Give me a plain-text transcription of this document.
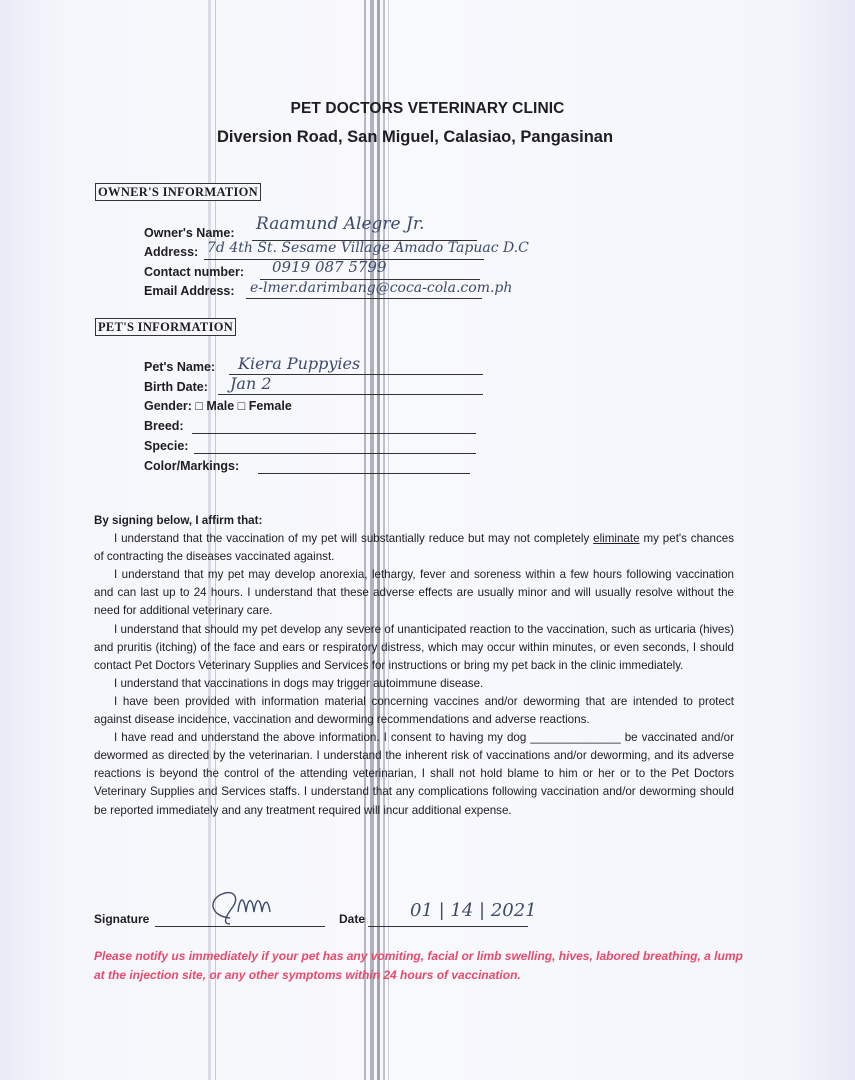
PET DOCTORS VETERINARY CLINIC
Diversion Road, San Miguel, Calasiao, Pangasinan
OWNER'S INFORMATION
Owner's Name: Raamund Alegre Jr.
Address: 7d 4th St. Sesame Village Amado Tapuac D.C
Contact number: 0919 087 5799
Email Address: e-lmer.darimbang@coca-cola.com.ph
PET'S INFORMATION
Pet's Name: Kiera Puppyies
Birth Date: Jan 2
Gender: □ Male □ Female
Breed:
Specie:
Color/Markings:

By signing below, I affirm that:

I understand that the vaccination of my pet will substantially reduce but may not completely eliminate my pet's chances of contracting the diseases vaccinated against.

I understand that my pet may develop anorexia, lethargy, fever and soreness within a few hours following vaccination and can last up to 24 hours. I understand that these adverse effects are usually minor and will usually resolve without the need for additional veterinary care.

I understand that should my pet develop any severe of unanticipated reaction to the vaccination, such as urticaria (hives) and pruritis (itching) of the face and ears or respiratory distress, which may occur within minutes, or even seconds, I should contact Pet Doctors Veterinary Supplies and Services for instructions or bring my pet back in the clinic immediately.

I understand that vaccinations in dogs may trigger autoimmune disease.

I have been provided with information material concerning vaccines and/or deworming that are intended to protect against disease incidence, vaccination and deworming recommendations and adverse reactions.

I have read and understand the above information. I consent to having my dog ______________ be vaccinated and/or dewormed as directed by the veterinarian. I understand the inherent risk of vaccinations and/or deworming, and its adverse reactions is beyond the control of the attending veterinarian, I shall not hold blame to him or her or to the Pet Doctors Veterinary Supplies and Services staffs. I understand that any complications following vaccination and/or deworming should be reported immediately and any treatment required will incur additional expense.

Signature	Date 01 | 14 | 2021
Please notify us immediately if your pet has any vomiting, facial or limb swelling, hives, labored breathing, a lump at the injection site, or any other symptoms within 24 hours of vaccination.
